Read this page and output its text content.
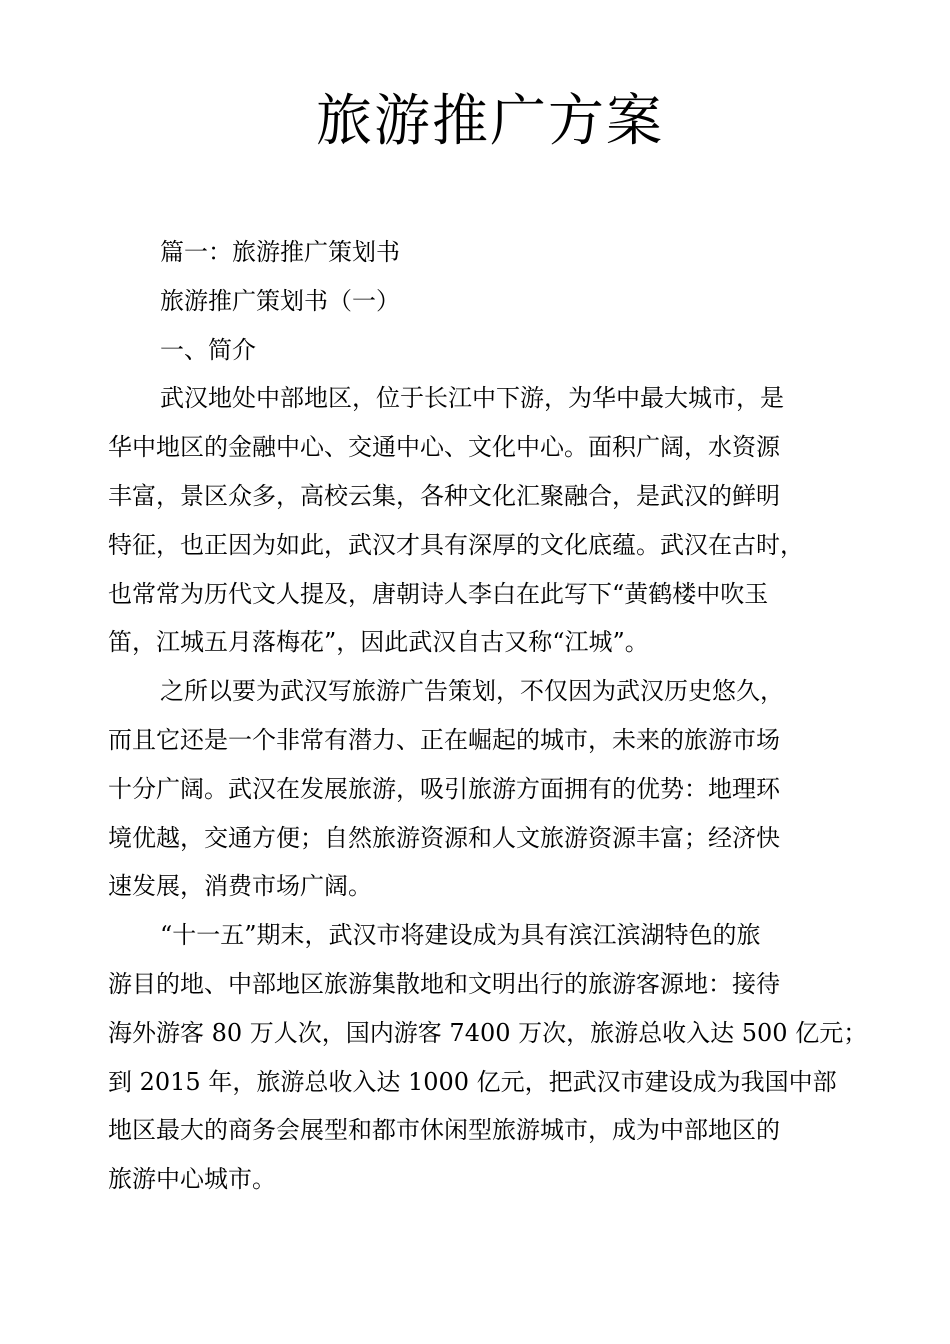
旅游推广方案

篇一：旅游推广策划书

旅游推广策划书（一）

一、简介

武汉地处中部地区，位于长江中下游，为华中最大城市，是
华中地区的金融中心、交通中心、文化中心。面积广阔，水资源
丰富，景区众多，高校云集，各种文化汇聚融合，是武汉的鲜明
特征，也正因为如此，武汉才具有深厚的文化底蕴。武汉在古时，
也常常为历代文人提及，唐朝诗人李白在此写下“黄鹤楼中吹玉
笛，江城五月落梅花”，因此武汉自古又称“江城”。

之所以要为武汉写旅游广告策划，不仅因为武汉历史悠久，
而且它还是一个非常有潜力、正在崛起的城市，未来的旅游市场
十分广阔。武汉在发展旅游，吸引旅游方面拥有的优势：地理环
境优越，交通方便；自然旅游资源和人文旅游资源丰富；经济快
速发展，消费市场广阔。

“十一五”期末，武汉市将建设成为具有滨江滨湖特色的旅
游目的地、中部地区旅游集散地和文明出行的旅游客源地：接待
海外游客 80 万人次，国内游客 7400 万次，旅游总收入达 500 亿元；
到 2015 年，旅游总收入达 1000 亿元，把武汉市建设成为我国中部
地区最大的商务会展型和都市休闲型旅游城市，成为中部地区的
旅游中心城市。
